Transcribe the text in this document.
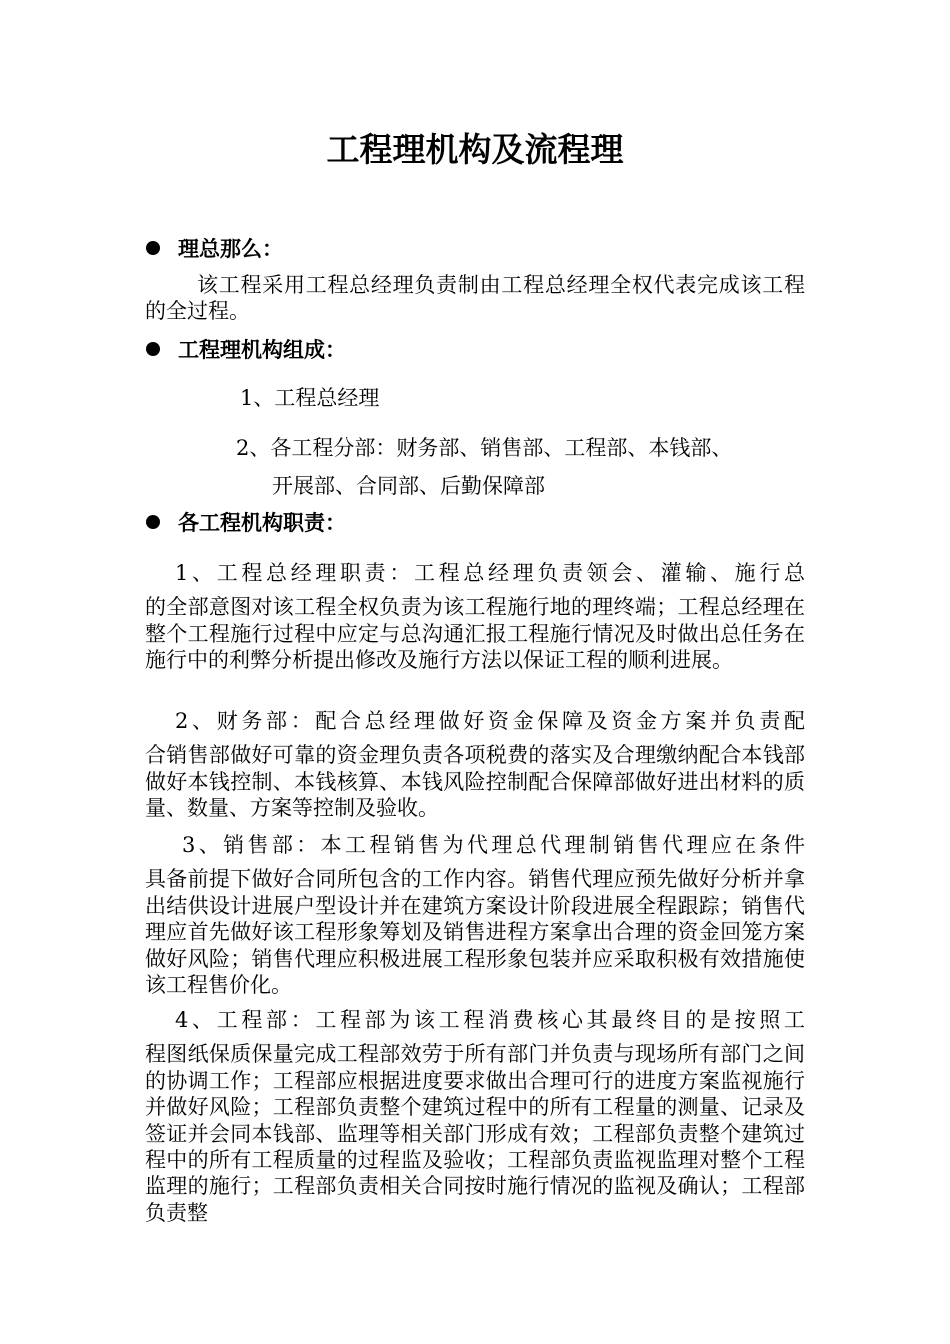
工程理机构及流程理
理总那么：
该工程采用工程总经理负责制由工程总经理全权代表完成该工程的全过程。
工程理机构组成：
1、工程总经理
2、各工程分部：财务部、销售部、工程部、本钱部、
开展部、合同部、后勤保障部
各工程机构职责：
1、工程总经理职责：工程总经理负责领会、灌输、施行总
的全部意图对该工程全权负责为该工程施行地的理终端；工程总经理在整个工程施行过程中应定与总沟通汇报工程施行情况及时做出总任务在施行中的利弊分析提出修改及施行方法以保证工程的顺利进展。
2、财务部：配合总经理做好资金保障及资金方案并负责配
合销售部做好可靠的资金理负责各项税费的落实及合理缴纳配合本钱部做好本钱控制、本钱核算、本钱风险控制配合保障部做好进出材料的质量、数量、方案等控制及验收。
3、销售部：本工程销售为代理总代理制销售代理应在条件
具备前提下做好合同所包含的工作内容。销售代理应预先做好分析并拿出结供设计进展户型设计并在建筑方案设计阶段进展全程跟踪；销售代理应首先做好该工程形象筹划及销售进程方案拿出合理的资金回笼方案做好风险；销售代理应积极进展工程形象包装并应采取积极有效措施使该工程售价化。
4、工程部：工程部为该工程消费核心其最终目的是按照工
程图纸保质保量完成工程部效劳于所有部门并负责与现场所有部门之间的协调工作；工程部应根据进度要求做出合理可行的进度方案监视施行并做好风险；工程部负责整个建筑过程中的所有工程量的测量、记录及签证并会同本钱部、监理等相关部门形成有效；工程部负责整个建筑过程中的所有工程质量的过程监及验收；工程部负责监视监理对整个工程监理的施行；工程部负责相关合同按时施行情况的监视及确认；工程部负责整
